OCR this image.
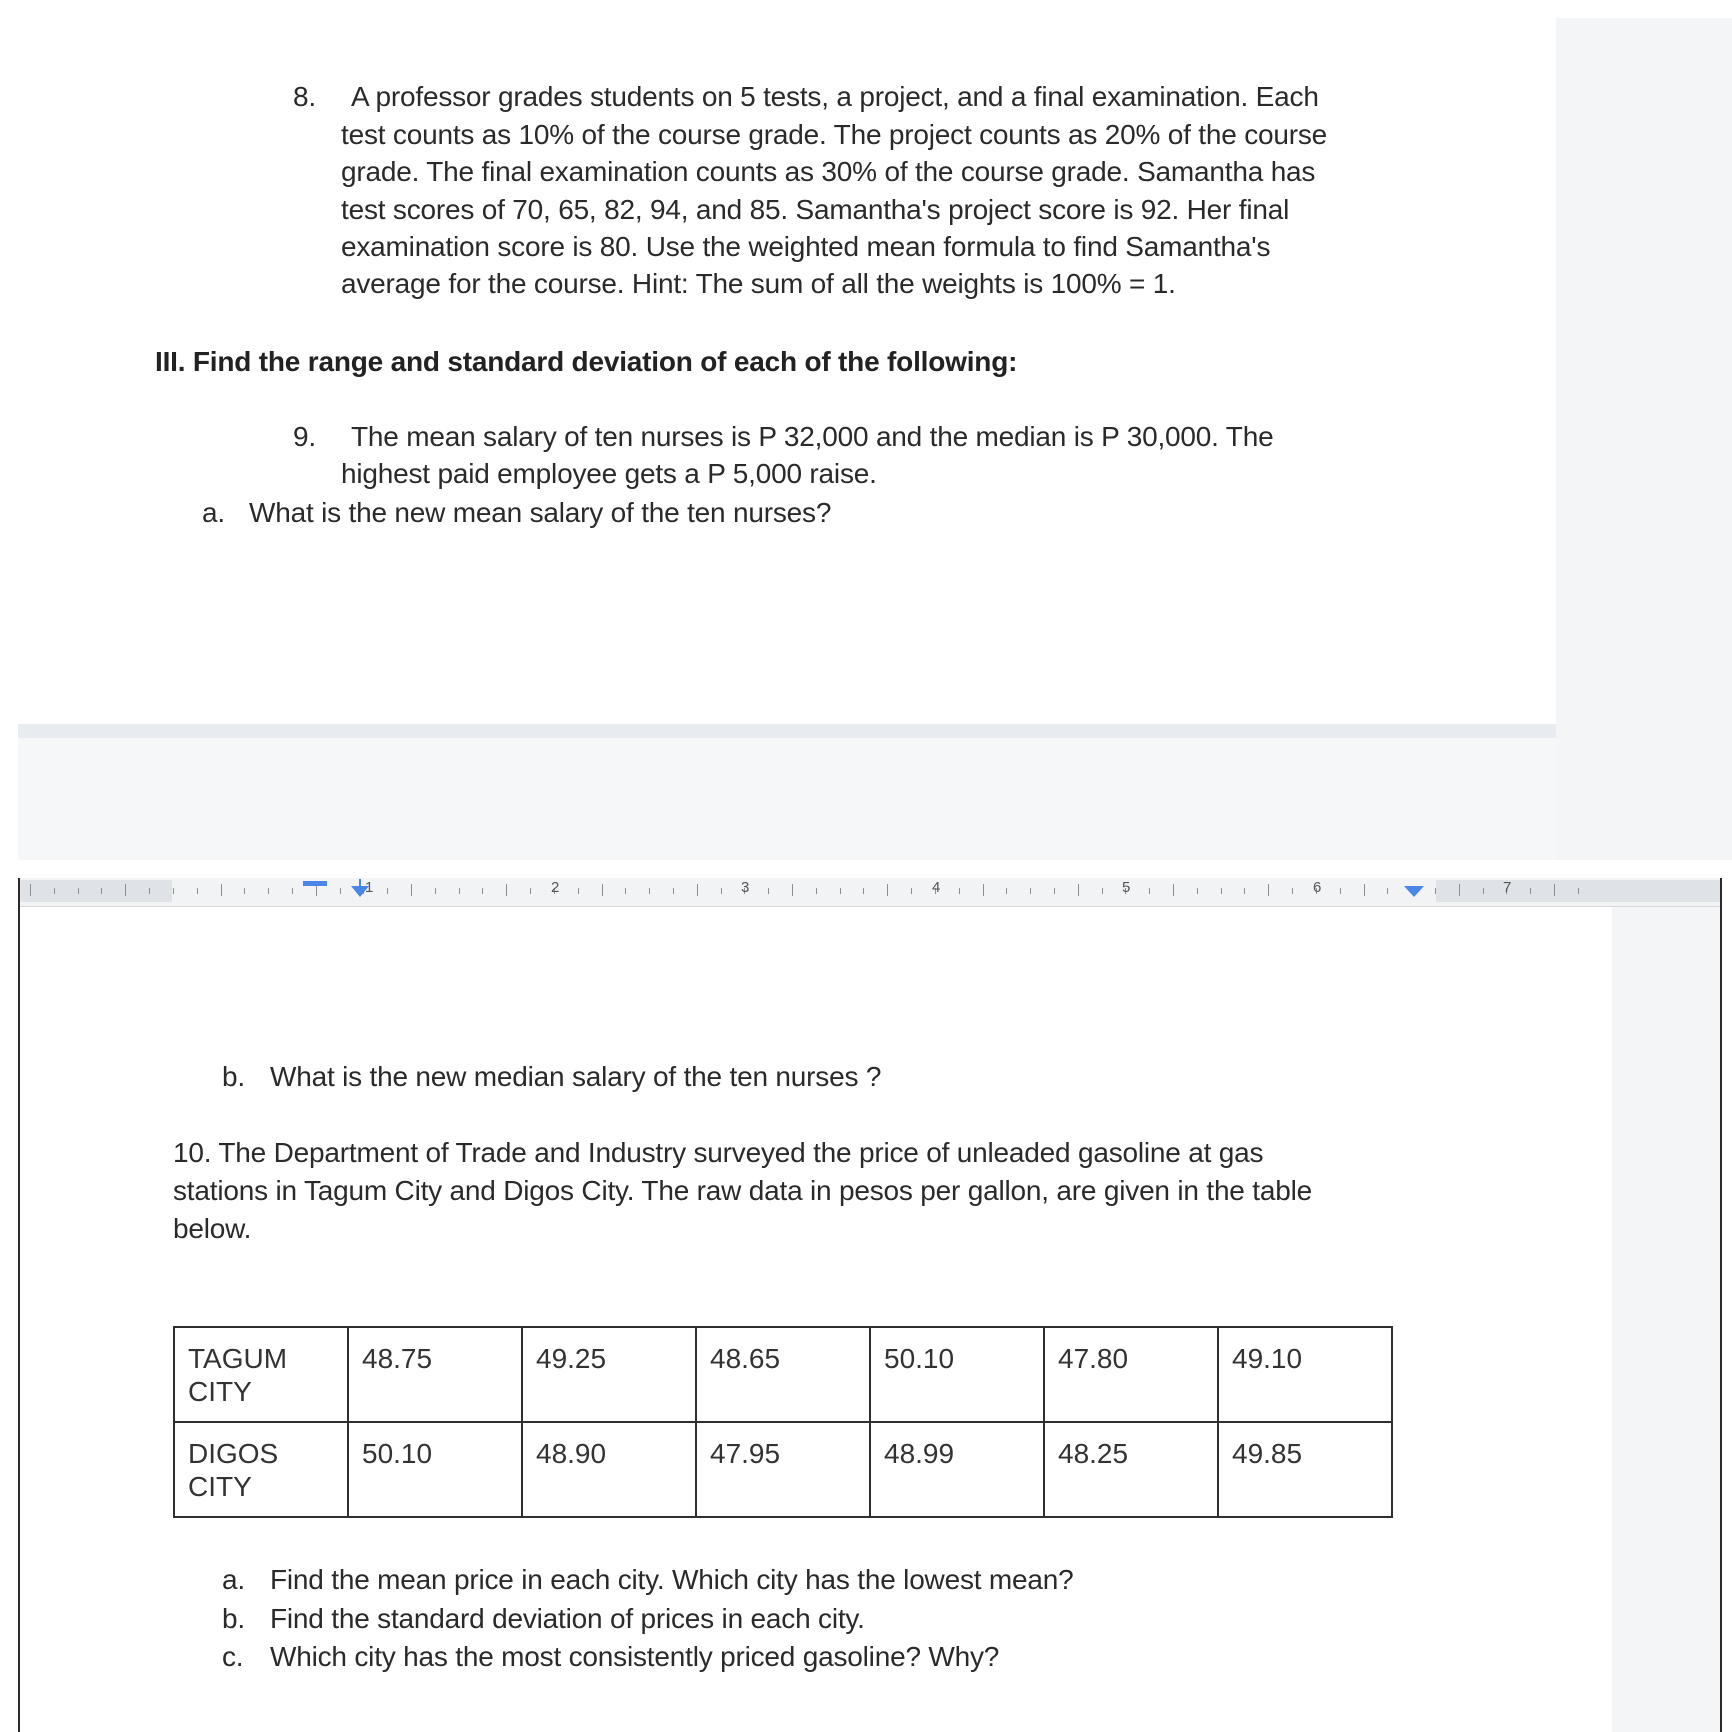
8. A professor grades students on 5 tests, a project, and a final examination. Each
test counts as 10% of the course grade. The project counts as 20% of the course
grade. The final examination counts as 30% of the course grade. Samantha has
test scores of 70, 65, 82, 94, and 85. Samantha's project score is 92. Her final
examination score is 80. Use the weighted mean formula to find Samantha's
average for the course. Hint: The sum of all the weights is 100% = 1.
III. Find the range and standard deviation of each of the following:
9. The mean salary of ten nurses is P 32,000 and the median is P 30,000. The
highest paid employee gets a P 5,000 raise.
a. What is the new mean salary of the ten nurses?
1	2	3	4	5	6	7
b. What is the new median salary of the ten nurses ?
10. The Department of Trade and Industry surveyed the price of unleaded gasoline at gas
stations in Tagum City and Digos City. The raw data in pesos per gallon, are given in the table
below.
TAGUM
CITY	48.75	49.25	48.65	50.10	47.80	49.10
DIGOS
CITY	50.10	48.90	47.95	48.99	48.25	49.85
a. Find the mean price in each city. Which city has the lowest mean?
b. Find the standard deviation of prices in each city.
c. Which city has the most consistently priced gasoline? Why?
